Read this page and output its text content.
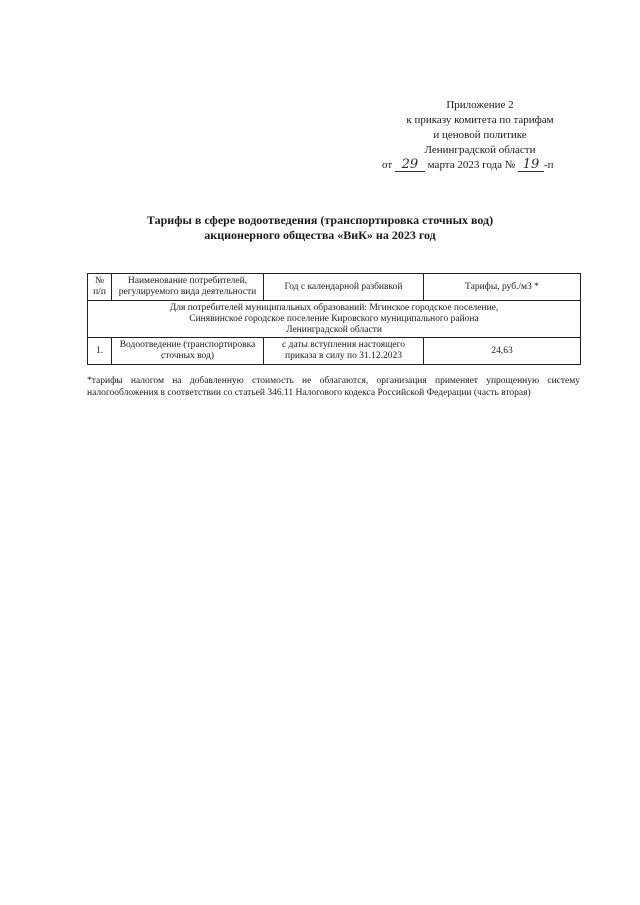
Приложение 2
к приказу комитета по тарифам
и ценовой политике
Ленинградской области
от 29 марта 2023 года № 19 -п
Тарифы в сфере водоотведения (транспортировка сточных вод)
акционерного общества «ВиК» на 2023 год
№ п/п	Наименование потребителей, регулируемого вида деятельности	Год с календарной разбивкой	Тарифы, руб./м3 *

Для потребителей муниципальных образований: Мгинское городское поселение,
Синявинское городское поселение Кировского муниципального района
Ленинградской области			

1.	Водоотведение (транспортировка сточных вод)	с даты вступления настоящего приказа в силу по 31.12.2023	24,63
*тарифы налогом на добавленную стоимость не облагаются, организация применяет упрощенную систему налогообложения в соответствии со статьей 346.11 Налогового кодекса Российской Федерации (часть вторая)
